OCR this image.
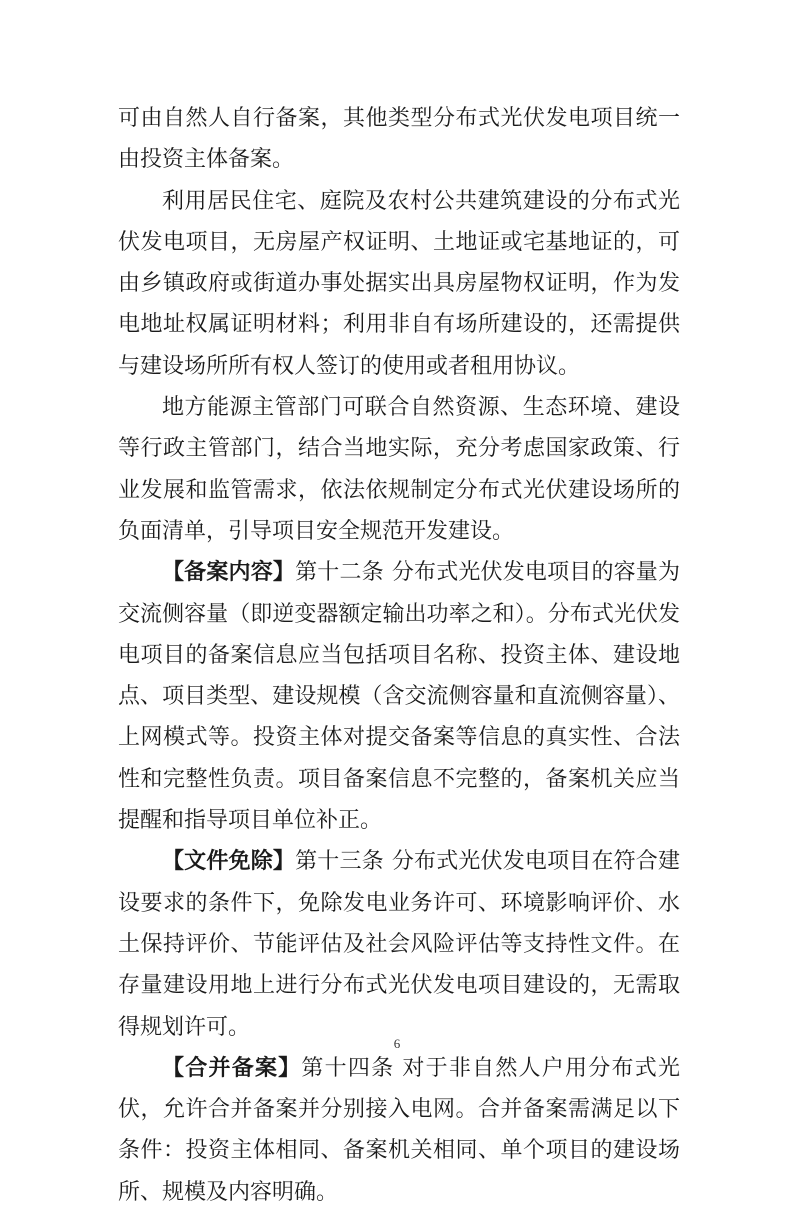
可由自然人自行备案，其他类型分布式光伏发电项目统一由投资主体备案。

利用居民住宅、庭院及农村公共建筑建设的分布式光伏发电项目，无房屋产权证明、土地证或宅基地证的，可由乡镇政府或街道办事处据实出具房屋物权证明，作为发电地址权属证明材料；利用非自有场所建设的，还需提供与建设场所所有权人签订的使用或者租用协议。

地方能源主管部门可联合自然资源、生态环境、建设等行政主管部门，结合当地实际，充分考虑国家政策、行业发展和监管需求，依法依规制定分布式光伏建设场所的负面清单，引导项目安全规范开发建设。

【备案内容】第十二条 分布式光伏发电项目的容量为交流侧容量（即逆变器额定输出功率之和）。分布式光伏发电项目的备案信息应当包括项目名称、投资主体、建设地点、项目类型、建设规模（含交流侧容量和直流侧容量）、上网模式等。投资主体对提交备案等信息的真实性、合法性和完整性负责。项目备案信息不完整的，备案机关应当提醒和指导项目单位补正。

【文件免除】第十三条 分布式光伏发电项目在符合建设要求的条件下，免除发电业务许可、环境影响评价、水土保持评价、节能评估及社会风险评估等支持性文件。在存量建设用地上进行分布式光伏发电项目建设的，无需取得规划许可。

【合并备案】第十四条 对于非自然人户用分布式光伏，允许合并备案并分别接入电网。合并备案需满足以下条件：投资主体相同、备案机关相同、单个项目的建设场所、规模及内容明确。

6
